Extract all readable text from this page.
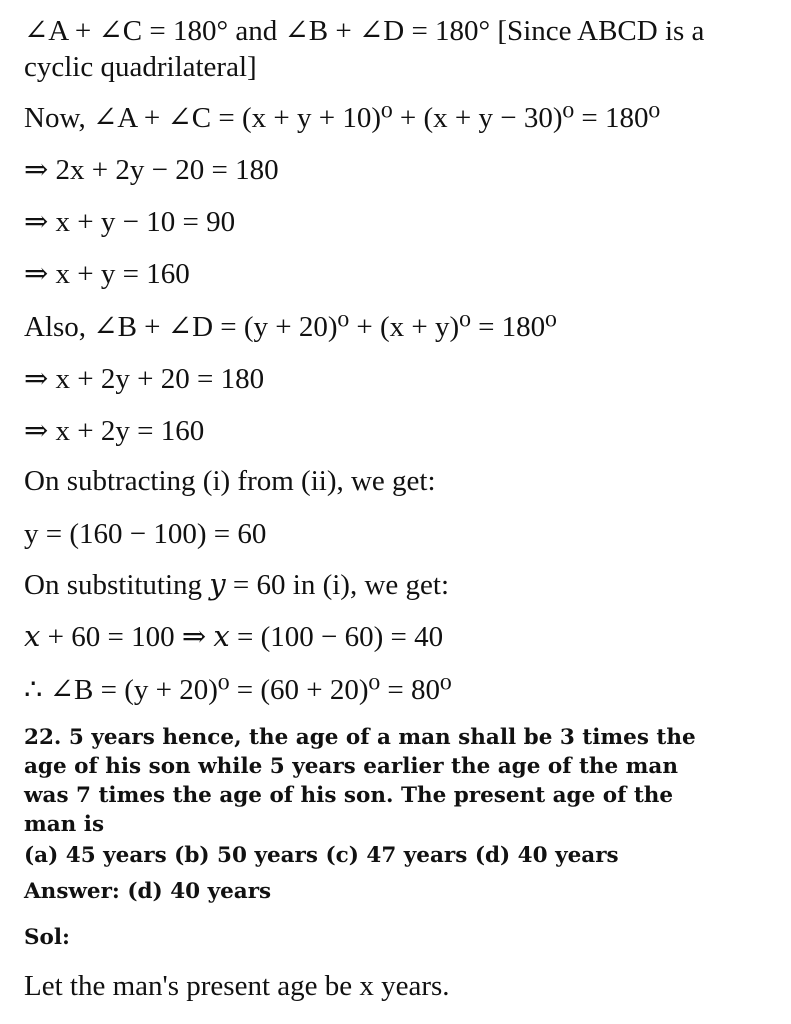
∠A + ∠C = 180° and ∠B + ∠D = 180° [Since ABCD is a
cyclic quadrilateral]
Now, ∠A + ∠C = (x + y + 10)⁰ + (x + y − 30)⁰ = 180⁰
⇒ 2x + 2y − 20 = 180
⇒ x + y − 10 = 90
⇒ x + y = 160
Also, ∠B + ∠D = (y + 20)⁰ + (x + y)⁰ = 180⁰
⇒ x + 2y + 20 = 180
⇒ x + 2y = 160
On subtracting (i) from (ii), we get:
y = (160 − 100) = 60
On substituting 𝑦 = 60 in (i), we get:
𝑥 + 60 = 100 ⇒ 𝑥 = (100 − 60) = 40
∴ ∠B = (y + 20)⁰ = (60 + 20)⁰ = 80⁰
22. 5 years hence, the age of a man shall be 3 times the
age of his son while 5 years earlier the age of the man
was 7 times the age of his son. The present age of the
man is
(a) 45 years (b) 50 years (c) 47 years (d) 40 years
Answer: (d) 40 years
Sol:
Let the man's present age be x years.
